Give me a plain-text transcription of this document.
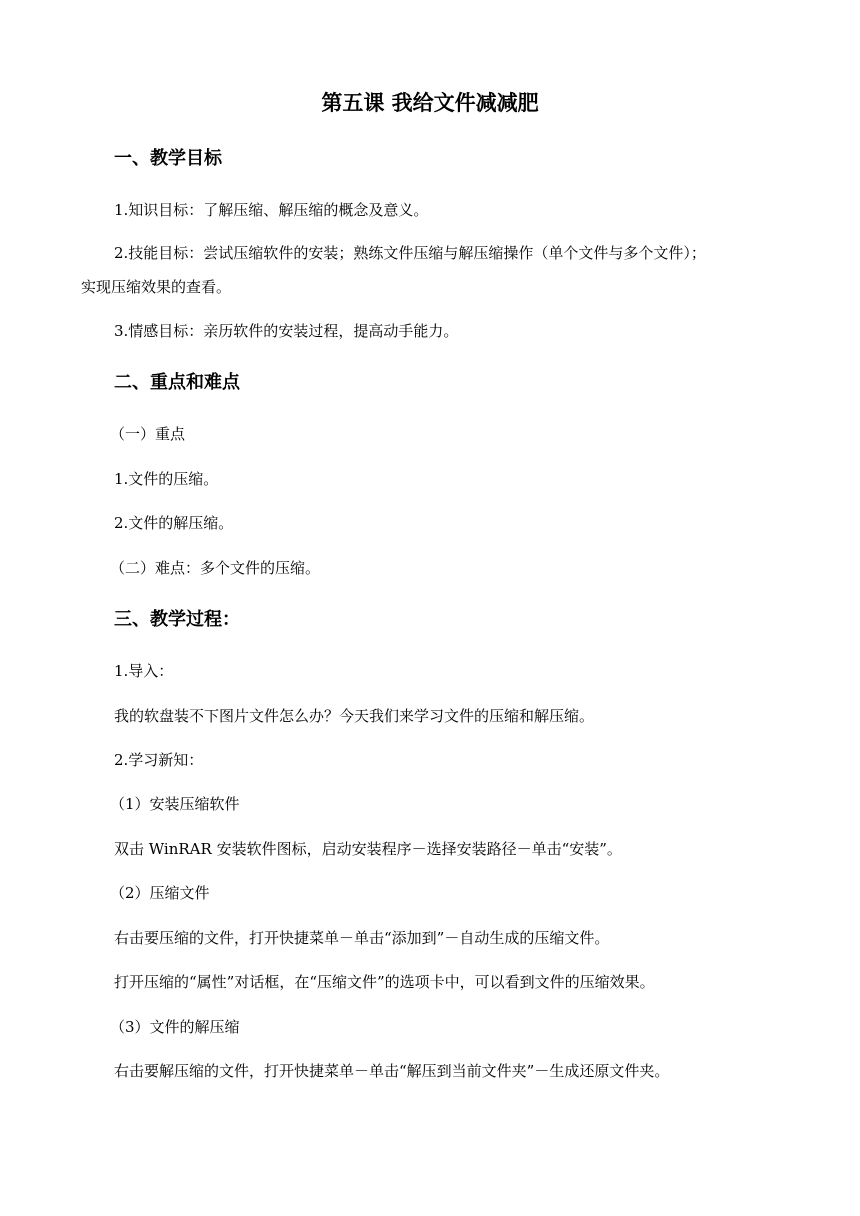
第五课 我给文件减减肥
一、教学目标
1.知识目标：了解压缩、解压缩的概念及意义。
2.技能目标：尝试压缩软件的安装；熟练文件压缩与解压缩操作（单个文件与多个文件）；
实现压缩效果的查看。
3.情感目标：亲历软件的安装过程，提高动手能力。
二、重点和难点
（一）重点
1.文件的压缩。
2.文件的解压缩。
（二）难点：多个文件的压缩。
三、教学过程：
1.导入：
我的软盘装不下图片文件怎么办？今天我们来学习文件的压缩和解压缩。
2.学习新知：
（1）安装压缩软件
双击 WinRAR 安装软件图标，启动安装程序－选择安装路径－单击“安装”。
（2）压缩文件
右击要压缩的文件，打开快捷菜单－单击“添加到”－自动生成的压缩文件。
打开压缩的“属性”对话框，在“压缩文件”的选项卡中，可以看到文件的压缩效果。
（3）文件的解压缩
右击要解压缩的文件，打开快捷菜单－单击“解压到当前文件夹”－生成还原文件夹。
